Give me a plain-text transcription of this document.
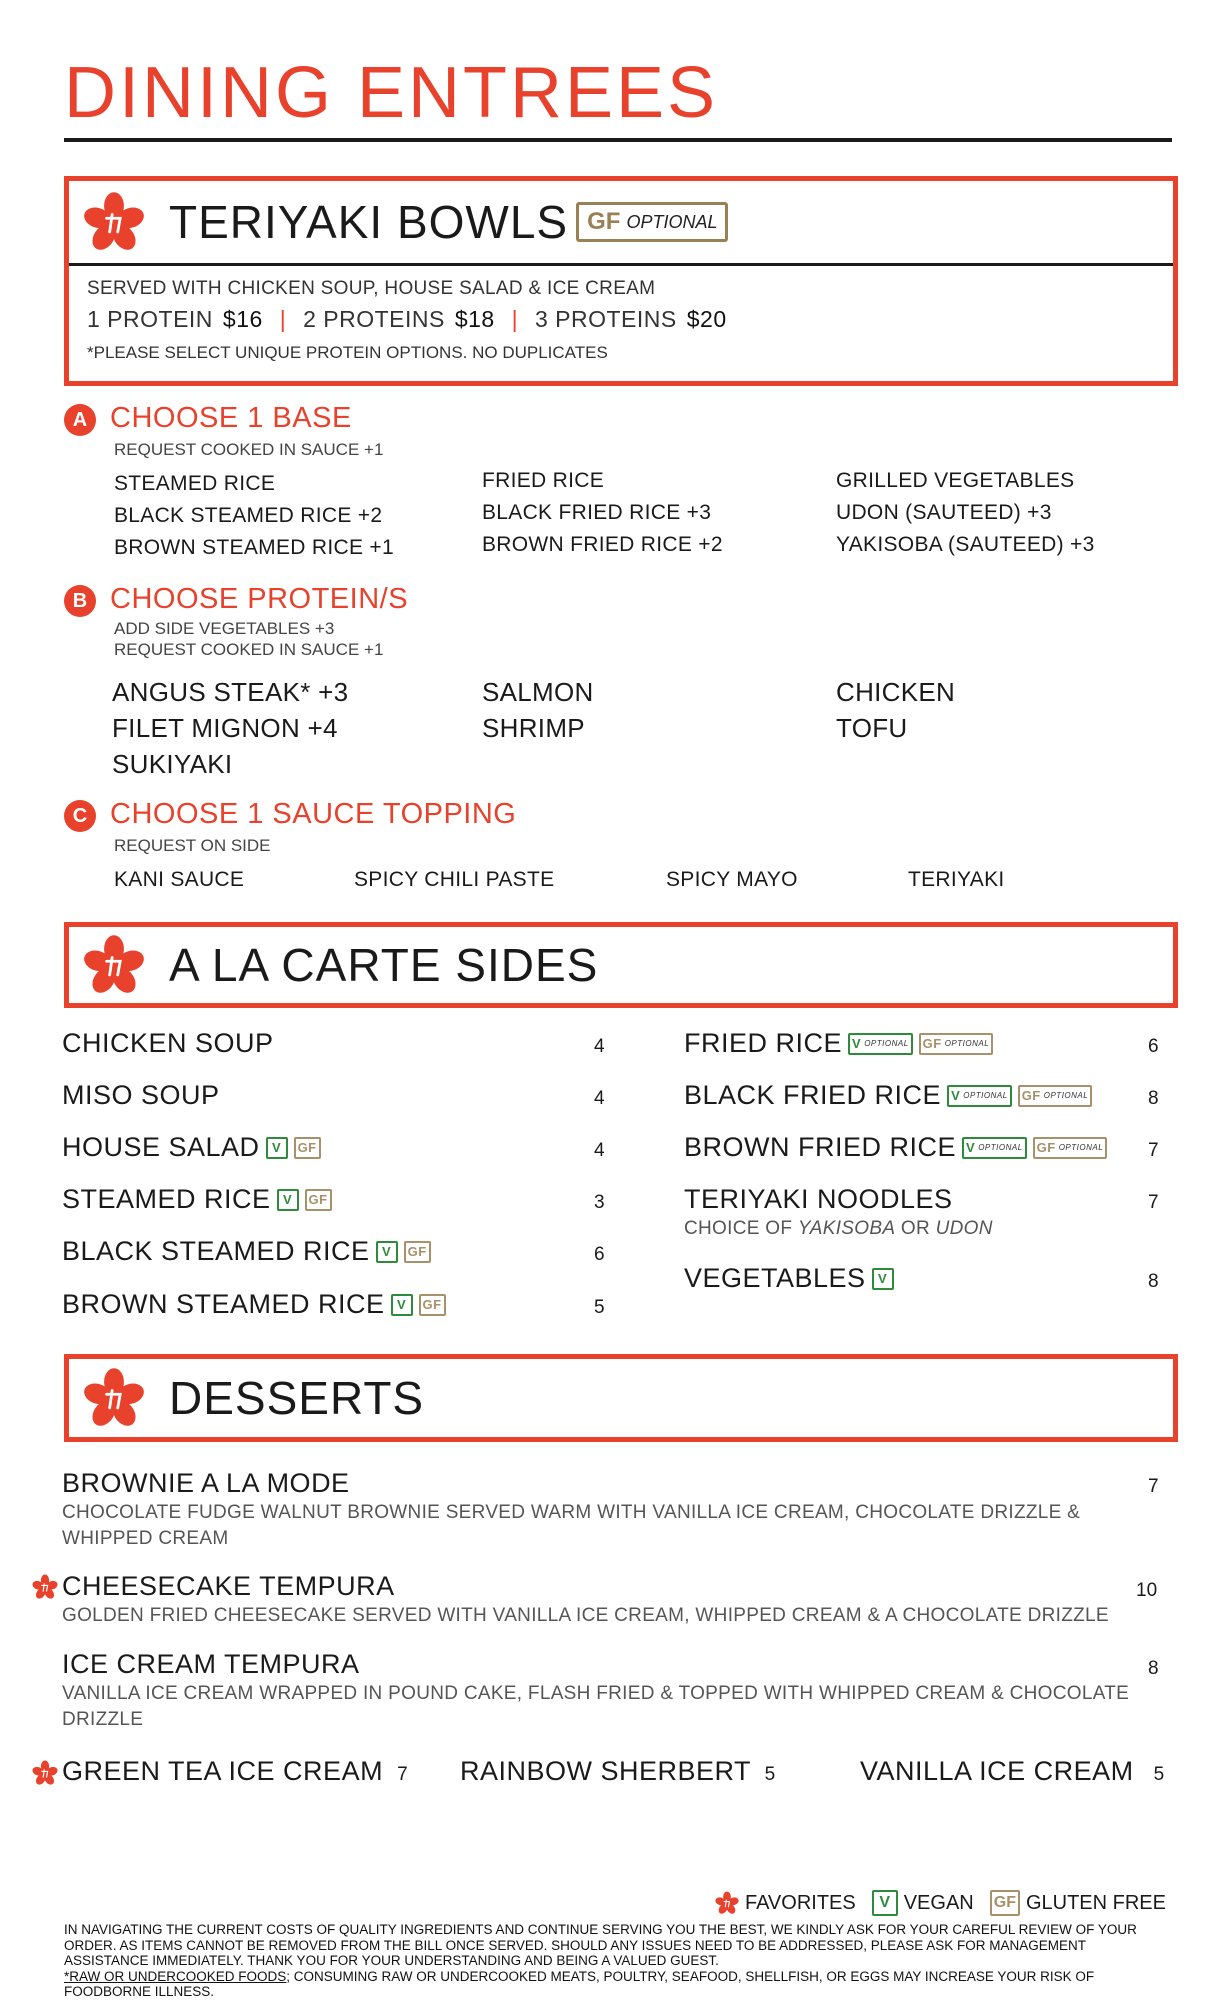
DINING ENTREES
TERIYAKI BOWLS GF OPTIONAL
SERVED WITH CHICKEN SOUP, HOUSE SALAD & ICE CREAM
1 PROTEIN $16 | 2 PROTEINS $18 | 3 PROTEINS $20
*PLEASE SELECT UNIQUE PROTEIN OPTIONS. NO DUPLICATES
A CHOOSE 1 BASE
REQUEST COOKED IN SAUCE +1
STEAMED RICE
BLACK STEAMED RICE +2
BROWN STEAMED RICE +1
FRIED RICE
BLACK FRIED RICE +3
BROWN FRIED RICE +2
GRILLED VEGETABLES
UDON (SAUTEED) +3
YAKISOBA (SAUTEED) +3
B CHOOSE PROTEIN/S
ADD SIDE VEGETABLES +3
REQUEST COOKED IN SAUCE +1
ANGUS STEAK* +3
FILET MIGNON +4
SUKIYAKI
SALMON
SHRIMP
CHICKEN
TOFU
C CHOOSE 1 SAUCE TOPPING
REQUEST ON SIDE
KANI SAUCE	SPICY CHILI PASTE	SPICY MAYO	TERIYAKI
A LA CARTE SIDES
CHICKEN SOUP	4
MISO SOUP	4
HOUSE SALAD V	GF	4
STEAMED RICE V	GF	3
BLACK STEAMED RICE V	GF	6
BROWN STEAMED RICE V	GF	5
FRIED RICE V OPTIONAL GF OPTIONAL	6
BLACK FRIED RICE V OPTIONAL GF OPTIONAL	8
BROWN FRIED RICE V OPTIONAL GF OPTIONAL 7
TERIYAKI NOODLES	7
CHOICE OF YAKISOBA OR UDON
VEGETABLES V	8
DESSERTS
BROWNIE A LA MODE	7
CHOCOLATE FUDGE WALNUT BROWNIE SERVED WARM WITH VANILLA ICE CREAM, CHOCOLATE DRIZZLE & WHIPPED CREAM
CHEESECAKE TEMPURA	10
GOLDEN FRIED CHEESECAKE SERVED WITH VANILLA ICE CREAM, WHIPPED CREAM & A CHOCOLATE DRIZZLE
ICE CREAM TEMPURA	8
VANILLA ICE CREAM WRAPPED IN POUND CAKE, FLASH FRIED & TOPPED WITH WHIPPED CREAM & CHOCOLATE DRIZZLE
GREEN TEA ICE CREAM 7 RAINBOW SHERBERT 5	VANILLA ICE CREAM 5
FAVORITES	V VEGAN GF GLUTEN FREE
IN NAVIGATING THE CURRENT COSTS OF QUALITY INGREDIENTS AND CONTINUE SERVING YOU THE BEST, WE KINDLY ASK FOR YOUR CAREFUL REVIEW OF YOUR ORDER. AS ITEMS CANNOT BE REMOVED FROM THE BILL ONCE SERVED. SHOULD ANY ISSUES NEED TO BE ADDRESSED, PLEASE ASK FOR MANAGEMENT ASSISTANCE IMMEDIATELY. THANK YOU FOR YOUR UNDERSTANDING AND BEING A VALUED GUEST.
*RAW OR UNDERCOOKED FOODS; CONSUMING RAW OR UNDERCOOKED MEATS, POULTRY, SEAFOOD, SHELLFISH, OR EGGS MAY INCREASE YOUR RISK OF FOODBORNE ILLNESS.
